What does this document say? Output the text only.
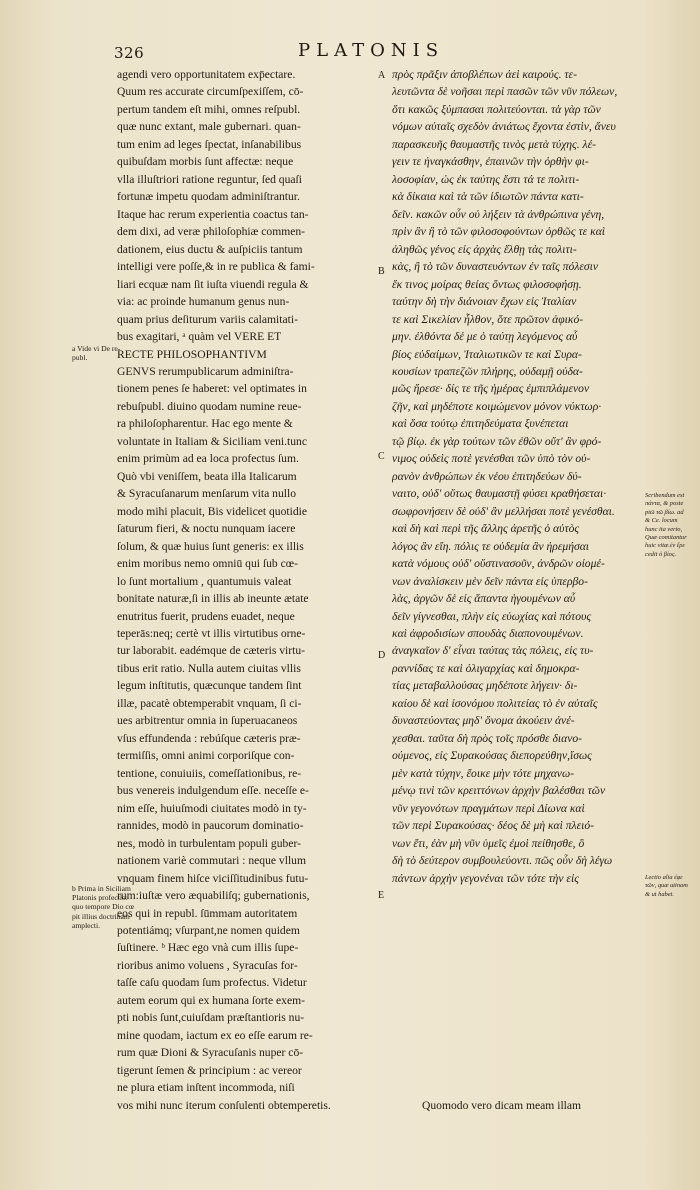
326	PLATONIS
agendi vero opportunitatem exp̄ectare.
Quum res accurate circumſpexiſſem, cō-
pertum tandem eſt mihi, omnes reſpubl.
quæ nunc extant, male gubernari. quan-
tum enim ad leges ſpectat, inſanabilibus
quibuſdam morbis ſunt affectæ: neque
vlla illuſtriori ratione reguntur, ſed quaſi
fortunæ impetu quodam adminiſtrantur.
Itaque hac rerum experientia coactus tan-
dem dixi, ad veræ philoſophiæ commen-
dationem, eius ductu & auſpiciis tantum
intelligi vere poſſe,& in re publica & fami-
liari ecquæ nam ſit iuſta viuendi regula &
via: ac proinde humanum genus nun-
quam prius deſiturum variis calamitati-
bus exagitari, ᵃ quàm vel VERE ET
RECTE PHILOSOPHANTIVM
GENVS rerumpublicarum adminiſtra-
tionem penes ſe haberet: vel optimates in
rebuſpubl. diuino quodam numine reue-
ra philoſopharentur. Hac ego mente &
voluntate in Italiam & Siciliam veni.tunc
enim primùm ad ea loca profectus ſum.
Quò vbi veniſſem, beata illa Italicarum
& Syracuſanarum menſarum vita nullo
modo mihi placuit, Bis videlicet quotidie
ſaturum fieri, & noctu nunquam iacere
ſolum, & quæ huius ſunt generis: ex illis
enim moribus nemo omniū qui ſub cœ-
lo ſunt mortalium , quantumuis valeat
bonitate naturæ,ſi in illis ab ineunte ætate
enutritus fuerit, prudens euadet, neque
teperās:neq; certè vt illis virtutibus orne-
tur laborabit. eadémque de cæteris virtu-
tibus erit ratio. Nulla autem ciuitas vllis
legum inſtitutis, quæcunque tandem ſint
illæ, pacatè obtemperabit vnquam, ſi ci-
ues arbitrentur omnia in ſuperuacaneos
vſus effundenda : rebúſque cæteris præ-
termiſſis, omni animi corporiſque con-
tentione, conuiuiis, comeſſationibus, re-
bus venereis indulgendum eſſe. neceſſe e-
nim eſſe, huiuſmodi ciuitates modò in ty-
rannides, modò in paucorum dominatio-
nes, modò in turbulentam populi guber-
nationem variè commutari : neque vllum
vnquam finem hiſce viciſſitudinibus futu-
rum:iuſtæ vero æquabiliſq; gubernationis,
eos qui in republ. ſūmmam autoritatem
potentiámq; vſurpant,ne nomen quidem
ſuſtinere. ᵇ Hæc ego vnà cum illis ſupe-
rioribus animo voluens , Syracuſas for-
taſſe caſu quodam ſum profectus. Videtur
autem eorum qui ex humana ſorte exem-
pti nobis ſunt,cuiuſdam præſtantioris nu-
mine quodam, iactum ex eo eſſe earum re-
rum quæ Dioni & Syracuſanis nuper cō-
tigerunt ſemen & principium : ac vereor
ne plura etiam inſtent incommoda, niſi
vos mihi nunc iterum conſulenti obtemperetis.
πρὸς πρᾶξιν ἀποβλέπων ἀεὶ καιρούς. τε-
λευτῶντα δὲ νοῆσαι περὶ πασῶν τῶν νῦν πόλεων,
ὅτι κακῶς ξύμπασαι πολιτεύονται. τὰ γὰρ τῶν
νόμων αὐταῖς σχεδὸν ἀνιάτως ἔχοντα ἐστὶν, ἄνευ
παρασκευῆς θαυμαστῆς τινὸς μετὰ τύχης. λέ-
γειν τε ἠναγκάσθην, ἐπαινῶν τὴν ὀρθὴν φι-
λοσοφίαν, ὡς ἐκ ταύτης ἔστι τά τε πολιτι-
κὰ δίκαια καὶ τὰ τῶν ἰδιωτῶν πάντα κατι-
δεῖν. κακῶν οὖν οὐ λήξειν τὰ ἀνθρώπινα γένη,
πρὶν ἂν ἢ τὸ τῶν φιλοσοφούντων ὀρθῶς τε καὶ
ἀληθῶς γένος εἰς ἀρχὰς ἔλθῃ τὰς πολιτι-
κὰς, ἢ τὸ τῶν δυναστευόντων ἐν ταῖς πόλεσιν
ἔκ τινος μοίρας θείας ὄντως φιλοσοφήσῃ.
ταύτην δὴ τὴν διάνοιαν ἔχων εἰς Ἰταλίαν
τε καὶ Σικελίαν ἦλθον, ὅτε πρῶτον ἀφικό-
μην. ἐλθόντα δέ με ὁ ταύτῃ λεγόμενος αὖ
βίος εὐδαίμων, Ἰταλιωτικῶν τε καὶ Συρα-
κουσίων τραπεζῶν πλήρης, οὐδαμῇ οὐδα-
μῶς ἤρεσε· δίς τε τῆς ἡμέρας ἐμπιπλάμενον
ζῆν, καὶ μηδέποτε κοιμώμενον μόνον νύκτωρ·
καὶ ὅσα τούτῳ ἐπιτηδεύματα ξυνέπεται
τῷ βίῳ. ἐκ γὰρ τούτων τῶν ἐθῶν οὔτ' ἂν φρό-
νιμος οὐδεὶς ποτὲ γενέσθαι τῶν ὑπὸ τὸν οὐ-
ρανὸν ἀνθρώπων ἐκ νέου ἐπιτηδεύων δύ-
ναιτο, οὐδ' οὕτως θαυμαστῇ φύσει κραθήσεται·
σωφρονήσειν δὲ οὐδ' ἂν μελλήσαι ποτὲ γενέσθαι.
καὶ δὴ καὶ περὶ τῆς ἄλλης ἀρετῆς ὁ αὐτὸς
λόγος ἂν εἴη. πόλις τε οὐδεμία ἂν ἠρεμήσαι
κατὰ νόμους οὐδ' οὕστινασοῦν, ἀνδρῶν οἰομέ-
νων ἀναλίσκειν μὲν δεῖν πάντα εἰς ὑπερβο-
λὰς, ἀργῶν δὲ εἰς ἅπαντα ἡγουμένων αὖ
δεῖν γίγνεσθαι, πλὴν εἰς εὐωχίας καὶ πότους
καὶ ἀφροδισίων σπουδὰς διαπονουμένων.
ἀναγκαῖον δ' εἶναι ταύτας τὰς πόλεις, εἰς τυ-
ραννίδας τε καὶ ὀλιγαρχίας καὶ δημοκρα-
τίας μεταβαλλούσας μηδέποτε λήγειν· δι-
καίου δὲ καὶ ἰσονόμου πολιτείας τὸ ἐν αὐταῖς
δυναστεύοντας μηδ' ὄνομα ἀκούειν ἀνέ-
χεσθαι. ταῦτα δὴ πρὸς τοῖς πρόσθε διανο-
ούμενος, εἰς Συρακούσας διεπορεύθην,ἴσως
μὲν κατὰ τύχην, ἔοικε μὴν τότε μηχανω-
μένῳ τινὶ τῶν κρειττόνων ἀρχὴν βαλέσθαι τῶν
νῦν γεγονότων πραγμάτων περὶ Δίωνα καὶ
τῶν περὶ Συρακούσας· δέος δὲ μὴ καὶ πλειό-
νων ἔτι, ἐὰν μὴ νῦν ὑμεῖς ἐμοὶ πείθησθε, ὃ
δὴ τὸ δεύτερον συμβουλεύοντι. πῶς οὖν δὴ λέγω
πάντων ἀρχὴν γεγονέναι τῶν τότε τὴν εἰς
Quomodo vero dicam meam illam
A
B
C
D
E
a Vide vi De re-
publ.
b Prima in Siciliam
Platonis profectio:
quo tempore Dio cœ
pit illius doctrinam
amplecti.
Scribendum est
πάντα, & poste
ptῶ τῶ βίω. ad
& Ce. locum
hunc ita verto,
Quæ comitantur
huic vitæ.ἐν ἔρε
cedit ὁ βίος.
Lectio alia ἐφε
τῶν, quæ utinam
& ut habet.
